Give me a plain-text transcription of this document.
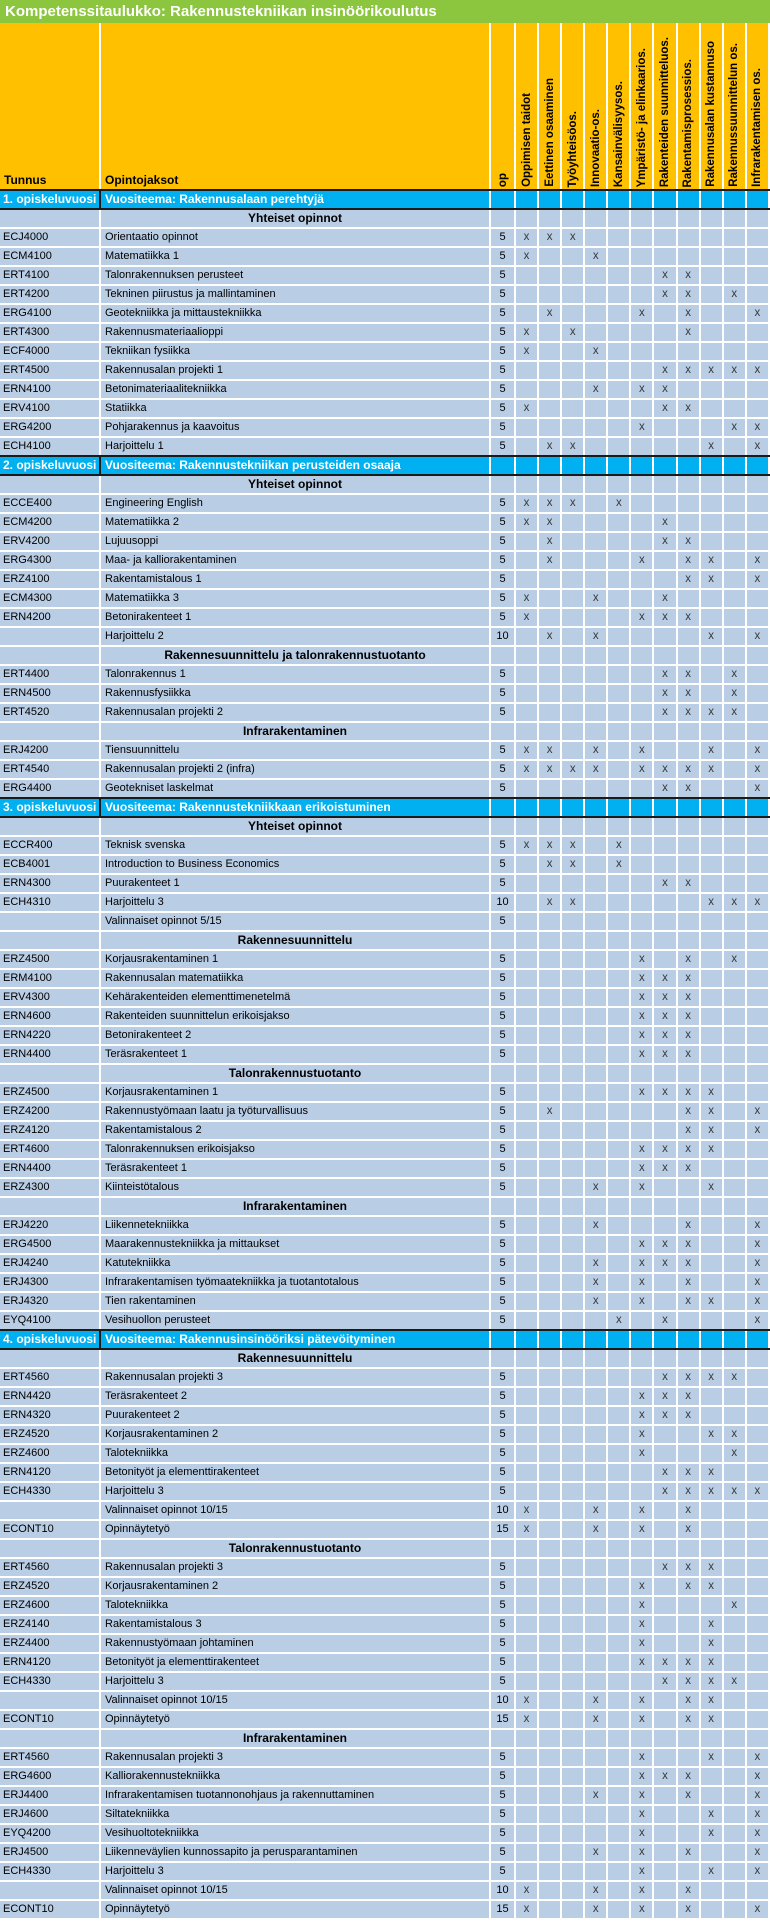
Kompetenssitaulukko: Rakennustekniikan insinöörikoulutus
Tunnus	Opintojaksot	op	Oppimisen taidot	Eettinen osaaminen	Työyhteisöos.	Innovaatio-os.	Kansainvälisyysos.	Ympäristö- ja elinkaarios.	Rakenteiden suunnitteluos.	Rakentamisprosessios.	Rakennusalan kustannuso	Rakennussuunnittelun os.	Infrarakentamisen os.

1. opiskeluvuosi	Vuositeema: Rakennusalaan perehtyjä												
	Yhteiset opinnot												
ECJ4000	Orientaatio opinnot	5	x	x	x								
ECM4100	Matematiikka 1	5	x			x							
ERT4100	Talonrakennuksen perusteet	5							x	x			
ERT4200	Tekninen piirustus ja mallintaminen	5							x	x		x	
ERG4100	Geotekniikka ja mittaustekniikka	5		x				x		x			x
ERT4300	Rakennusmateriaalioppi	5	x		x					x			
ECF4000	Tekniikan fysiikka	5	x			x							
ERT4500	Rakennusalan projekti 1	5							x	x	x	x	x
ERN4100	Betonimateriaalitekniikka	5				x		x	x				
ERV4100	Statiikka	5	x						x	x			
ERG4200	Pohjarakennus ja kaavoitus	5						x				x	x
ECH4100	Harjoittelu 1	5		x	x						x		x
2. opiskeluvuosi	Vuositeema: Rakennustekniikan perusteiden osaaja												
	Yhteiset opinnot												
ECCE400	Engineering English	5	x	x	x		x						
ECM4200	Matematiikka 2	5	x	x					x				
ERV4200	Lujuusoppi	5		x					x	x			
ERG4300	Maa- ja kalliorakentaminen	5		x				x		x	x		x
ERZ4100	Rakentamistalous 1	5								x	x		x
ECM4300	Matematiikka 3	5	x			x			x				
ERN4200	Betonirakenteet 1	5	x					x	x	x			
	Harjoittelu 2	10		x		x					x		x
	Rakennesuunnittelu ja talonrakennustuotanto												
ERT4400	Talonrakennus 1	5							x	x		x	
ERN4500	Rakennusfysiikka	5							x	x		x	
ERT4520	Rakennusalan projekti 2	5							x	x	x	x	
	Infrarakentaminen												
ERJ4200	Tiensuunnittelu	5	x	x		x		x			x		x
ERT4540	Rakennusalan projekti 2 (infra)	5	x	x	x	x		x	x	x	x		x
ERG4400	Geotekniset laskelmat	5							x	x			x
3. opiskeluvuosi	Vuositeema: Rakennustekniikkaan erikoistuminen												
	Yhteiset opinnot												
ECCR400	Teknisk svenska	5	x	x	x		x						
ECB4001	Introduction to Business Economics	5		x	x		x						
ERN4300	Puurakenteet 1	5							x	x			
ECH4310	Harjoittelu 3	10		x	x						x	x	x
	Valinnaiset opinnot 5/15	5											
	Rakennesuunnittelu												
ERZ4500	Korjausrakentaminen 1	5						x		x		x	
ERM4100	Rakennusalan matematiikka	5						x	x	x			
ERV4300	Kehärakenteiden elementtimenetelmä	5						x	x	x			
ERN4600	Rakenteiden suunnittelun erikoisjakso	5						x	x	x			
ERN4220	Betonirakenteet 2	5						x	x	x			
ERN4400	Teräsrakenteet 1	5						x	x	x			
	Talonrakennustuotanto												
ERZ4500	Korjausrakentaminen 1	5						x	x	x	x		
ERZ4200	Rakennustyömaan laatu ja työturvallisuus	5		x						x	x		x
ERZ4120	Rakentamistalous 2	5								x	x		x
ERT4600	Talonrakennuksen erikoisjakso	5						x	x	x	x		
ERN4400	Teräsrakenteet 1	5						x	x	x			
ERZ4300	Kiinteistötalous	5				x		x			x		
	Infrarakentaminen												
ERJ4220	Liikennetekniikka	5				x				x			x
ERG4500	Maarakennustekniikka ja mittaukset	5						x	x	x			x
ERJ4240	Katutekniikka	5				x		x	x	x			x
ERJ4300	Infrarakentamisen työmaatekniikka ja tuotantotalous	5				x		x		x			x
ERJ4320	Tien rakentaminen	5				x		x		x	x		x
EYQ4100	Vesihuollon perusteet	5					x		x				x
4. opiskeluvuosi	Vuositeema: Rakennusinsinööriksi pätevöityminen												
	Rakennesuunnittelu												
ERT4560	Rakennusalan projekti 3	5							x	x	x	x	
ERN4420	Teräsrakenteet 2	5						x	x	x			
ERN4320	Puurakenteet 2	5						x	x	x			
ERZ4520	Korjausrakentaminen 2	5						x			x	x	
ERZ4600	Talotekniikka	5						x				x	
ERN4120	Betonityöt ja elementtirakenteet	5							x	x	x		
ECH4330	Harjoittelu 3	5							x	x	x	x	x
	Valinnaiset opinnot 10/15	10	x			x		x		x			
ECONT10	Opinnäytetyö	15	x			x		x		x			
	Talonrakennustuotanto												
ERT4560	Rakennusalan projekti 3	5							x	x	x		
ERZ4520	Korjausrakentaminen 2	5						x		x	x		
ERZ4600	Talotekniikka	5						x				x	
ERZ4140	Rakentamistalous 3	5						x			x		
ERZ4400	Rakennustyömaan johtaminen	5						x			x		
ERN4120	Betonityöt ja elementtirakenteet	5						x	x	x	x		
ECH4330	Harjoittelu 3	5							x	x	x	x	
	Valinnaiset opinnot 10/15	10	x			x		x		x	x		
ECONT10	Opinnäytetyö	15	x			x		x		x	x		
	Infrarakentaminen												
ERT4560	Rakennusalan projekti 3	5						x			x		x
ERG4600	Kalliorakennustekniikka	5						x	x	x			x
ERJ4400	Infrarakentamisen tuotannonohjaus ja rakennuttaminen	5				x		x		x			x
ERJ4600	Siltatekniikka	5						x			x		x
EYQ4200	Vesihuoltotekniikka	5						x			x		x
ERJ4500	Liikenneväylien kunnossapito ja perusparantaminen	5				x		x		x			x
ECH4330	Harjoittelu 3	5						x			x		x
	Valinnaiset opinnot 10/15	10	x			x		x		x			
ECONT10	Opinnäytetyö	15	x			x		x		x			x
